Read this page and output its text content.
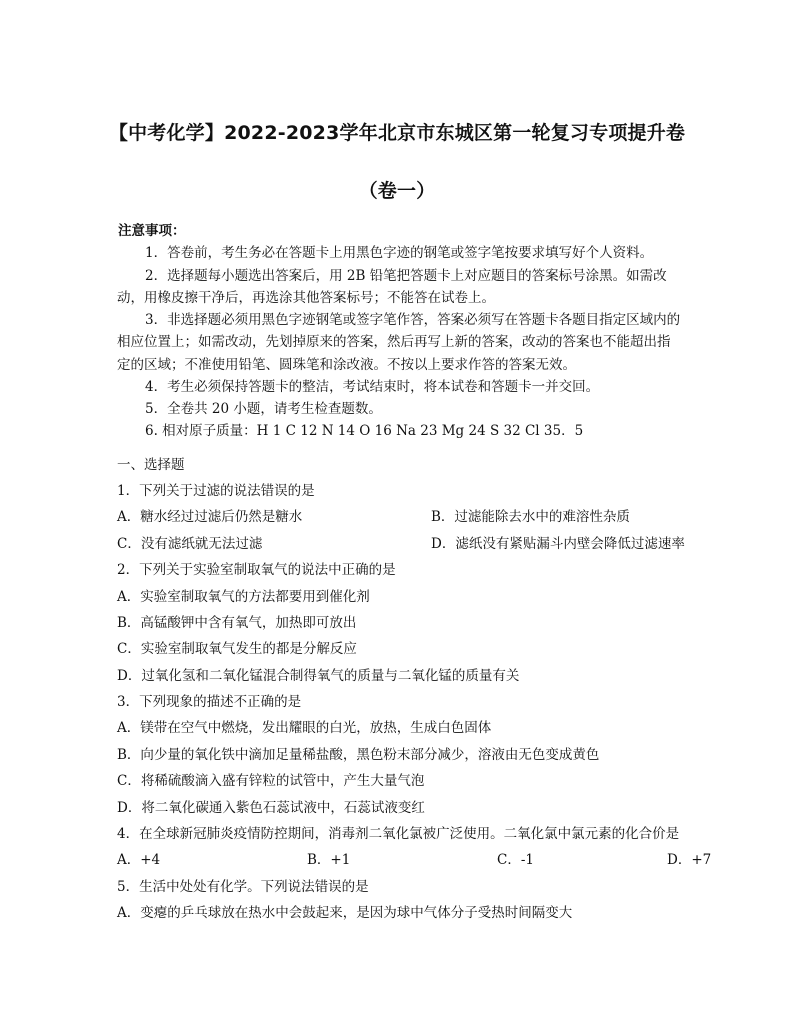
【中考化学】2022-2023学年北京市东城区第一轮复习专项提升卷
（卷一）
注意事项：
1．答卷前，考生务必在答题卡上用黑色字迹的钢笔或签字笔按要求填写好个人资料。
2．选择题每小题选出答案后，用 2B 铅笔把答题卡上对应题目的答案标号涂黑。如需改
动，用橡皮擦干净后，再选涂其他答案标号；不能答在试卷上。
3．非选择题必须用黑色字迹钢笔或签字笔作答，答案必须写在答题卡各题目指定区域内的
相应位置上；如需改动，先划掉原来的答案，然后再写上新的答案，改动的答案也不能超出指
定的区域；不准使用铅笔、圆珠笔和涂改液。不按以上要求作答的答案无效。
4．考生必须保持答题卡的整洁，考试结束时，将本试卷和答题卡一并交回。
5．全卷共 20 小题，请考生检查题数。
6. 相对原子质量：H 1 C 12 N 14 O 16 Na 23 Mg 24 S 32 Cl 35．5
一、选择题
1．下列关于过滤的说法错误的是
A．糖水经过过滤后仍然是糖水	B．过滤能除去水中的难溶性杂质
C．没有滤纸就无法过滤	D．滤纸没有紧贴漏斗内壁会降低过滤速率
2．下列关于实验室制取氧气的说法中正确的是
A．实验室制取氧气的方法都要用到催化剂
B．高锰酸钾中含有氧气，加热即可放出
C．实验室制取氧气发生的都是分解反应
D．过氧化氢和二氧化锰混合制得氧气的质量与二氧化锰的质量有关
3．下列现象的描述不正确的是
A．镁带在空气中燃烧，发出耀眼的白光，放热，生成白色固体
B．向少量的氧化铁中滴加足量稀盐酸，黑色粉末部分减少，溶液由无色变成黄色
C．将稀硫酸滴入盛有锌粒的试管中，产生大量气泡
D．将二氧化碳通入紫色石蕊试液中，石蕊试液变红
4．在全球新冠肺炎疫情防控期间，消毒剂二氧化氯被广泛使用。二氧化氯中氯元素的化合价是
A．+4	B．+1	C．-1	D．+7
5．生活中处处有化学。下列说法错误的是
A．变瘪的乒乓球放在热水中会鼓起来，是因为球中气体分子受热时间隔变大
